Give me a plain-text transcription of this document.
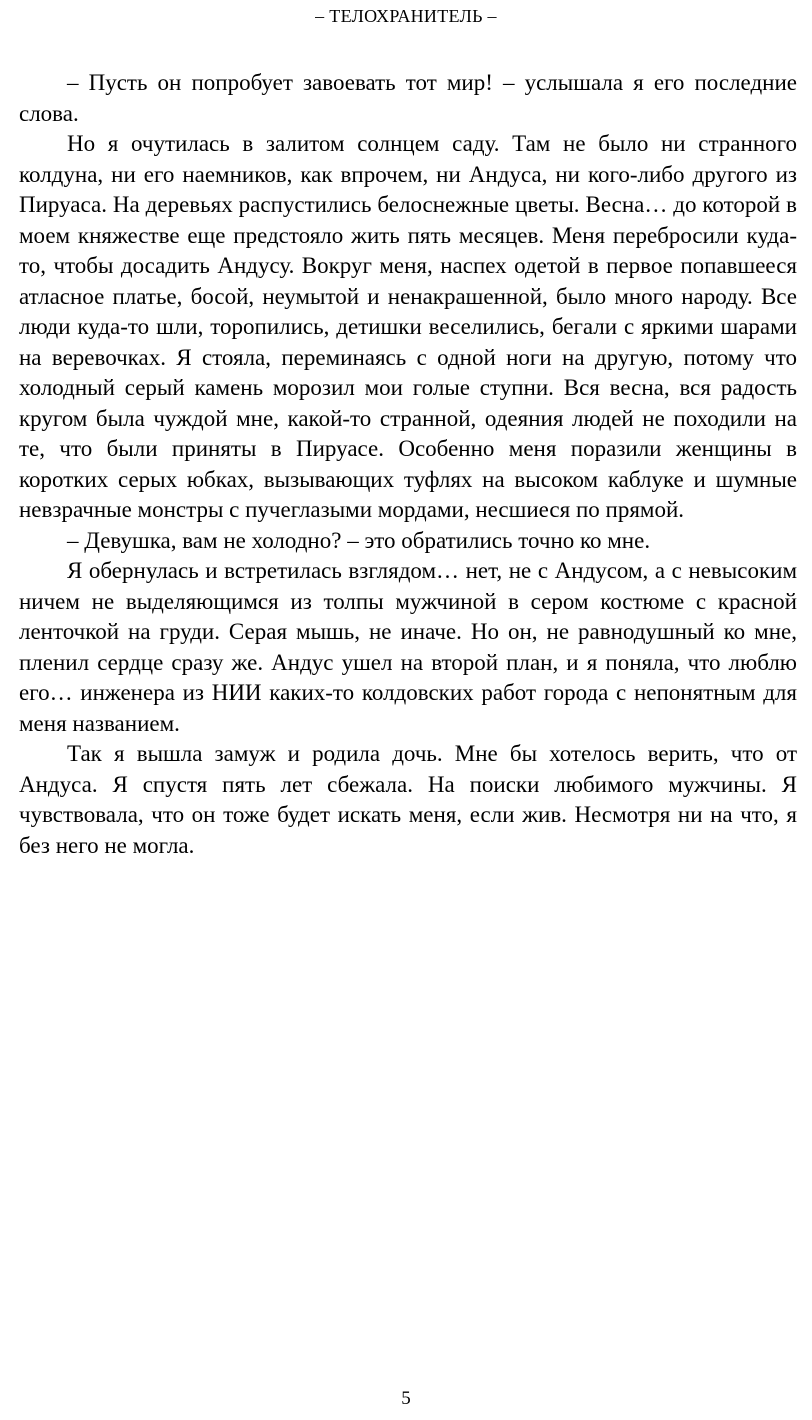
– ТЕЛОХРАНИТЕЛЬ –

– Пусть он попробует завоевать тот мир! – услышала я его последние слова.

Но я очутилась в залитом солнцем саду. Там не было ни странного колдуна, ни его наемников, как впрочем, ни Андуса, ни кого-либо другого из Пируаса. На деревьях распустились белоснежные цветы. Весна… до которой в моем княжестве еще предстояло жить пять месяцев. Меня перебросили куда-то, чтобы досадить Андусу. Вокруг меня, наспех одетой в первое попавшееся атласное платье, босой, неумытой и ненакрашенной, было много народу. Все люди куда-то шли, торопились, детишки веселились, бегали с яркими шарами на веревочках. Я стояла, переминаясь с одной ноги на другую, потому что холодный серый камень морозил мои голые ступни. Вся весна, вся радость кругом была чуждой мне, какой-то странной, одеяния людей не походили на те, что были приняты в Пируасе. Особенно меня поразили женщины в коротких серых юбках, вызывающих туфлях на высоком каблуке и шумные невзрачные монстры с пучеглазыми мордами, несшиеся по прямой.

– Девушка, вам не холодно? – это обратились точно ко мне.

Я обернулась и встретилась взглядом… нет, не с Андусом, а с невысоким ничем не выделяющимся из толпы мужчиной в сером костюме с красной ленточкой на груди. Серая мышь, не иначе. Но он, не равнодушный ко мне, пленил сердце сразу же. Андус ушел на второй план, и я поняла, что люблю его… инженера из НИИ каких-то колдовских работ города с непонятным для меня названием.

Так я вышла замуж и родила дочь. Мне бы хотелось верить, что от Андуса. Я спустя пять лет сбежала. На поиски любимого мужчины. Я чувствовала, что он тоже будет искать меня, если жив. Несмотря ни на что, я без него не могла.

5
